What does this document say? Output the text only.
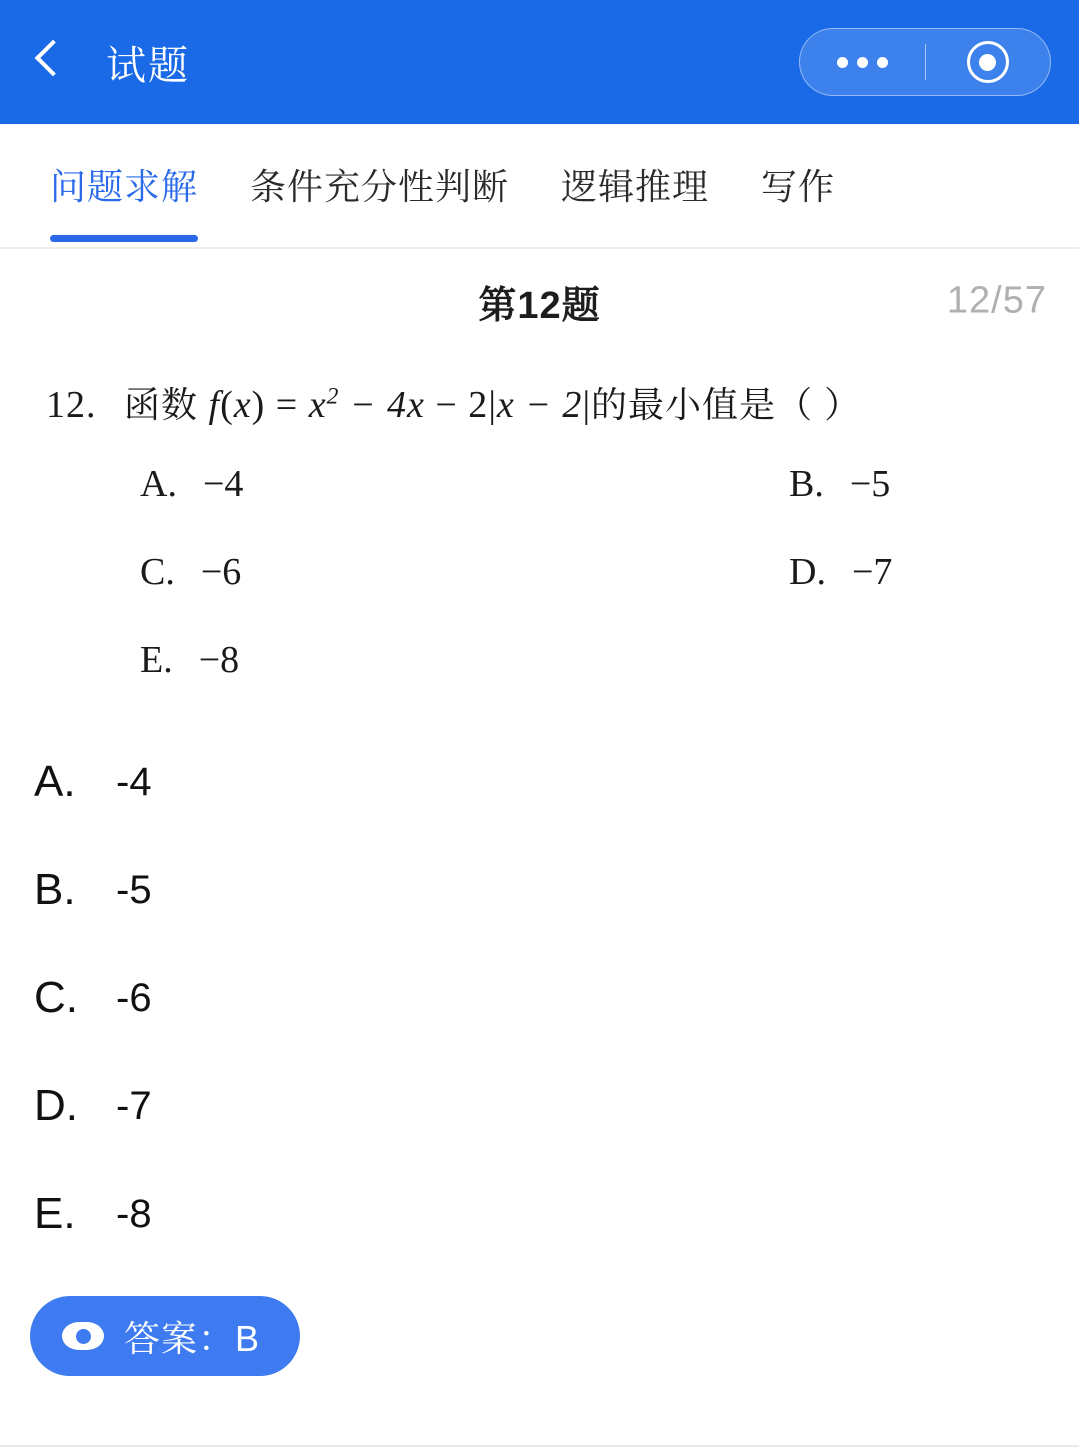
试题
问题求解 条件充分性判断 逻辑推理 写作
第12题	12/57
12. 函数 $f(x) = x^2 - 4x - 2|x - 2|$ 的最小值是 （ ）
A. −4	B. −5
C. −6	D. −7
E. −8
A. -4
B. -5
C. -6
D. -7
E. -8
答案：B
